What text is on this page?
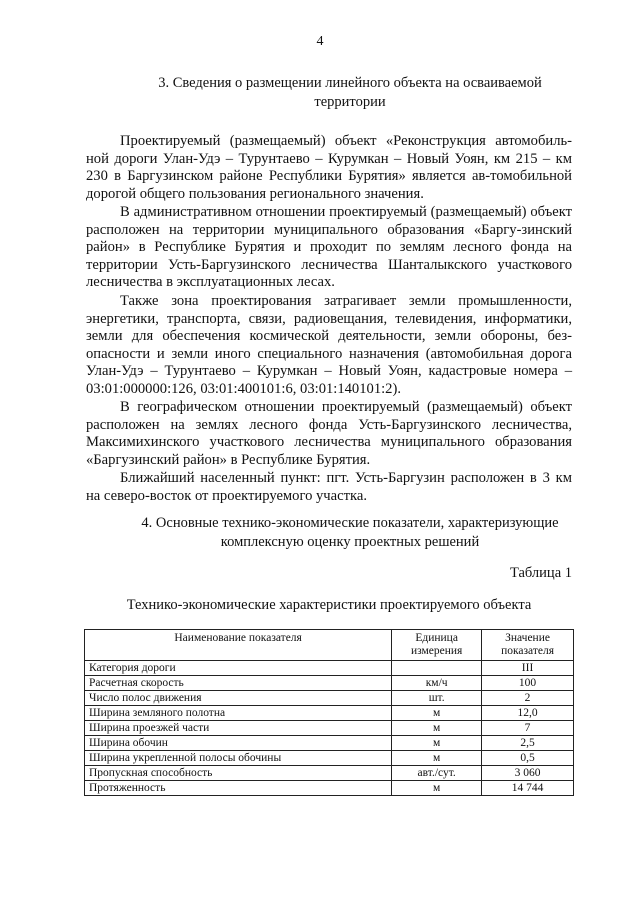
4
3. Сведения о размещении линейного объекта на осваиваемой
территории

Проектируемый (размещаемый) объект «Реконструкция автомобиль-ной дороги Улан-Удэ – Турунтаево – Курумкан – Новый Уоян, км 215 – км 230 в Баргузинском районе Республики Бурятия» является ав-томобильной дорогой общего пользования регионального значения.

В административном отношении проектируемый (размещаемый) объект расположен на территории муниципального образования «Баргу-зинский район» в Республике Бурятия и проходит по землям лесного фонда на территории Усть-Баргузинского лесничества Шанталыкского участкового лесничества в эксплуатационных лесах.

Также зона проектирования затрагивает земли промышленности, энергетики, транспорта, связи, радиовещания, телевидения, информатики, земли для обеспечения космической деятельности, земли обороны, без-опасности и земли иного специального назначения (автомобильная дорога Улан-Удэ – Турунтаево – Курумкан – Новый Уоян, кадастровые номера – 03:01:000000:126, 03:01:400101:6, 03:01:140101:2).

В географическом отношении проектируемый (размещаемый) объект расположен на землях лесного фонда Усть-Баргузинского лесничества, Максимихинского участкового лесничества муниципального образования «Баргузинский район» в Республике Бурятия.

Ближайший населенный пункт: пгт. Усть-Баргузин расположен в 3 км на северо-восток от проектируемого участка.

4. Основные технико-экономические показатели, характеризующие
комплексную оценку проектных решений
Таблица 1
Технико-экономические характеристики проектируемого объекта
Наименование показателя	Единица измерения	Значение показателя
Категория дороги		III
Расчетная скорость	км/ч	100
Число полос движения	шт.	2
Ширина земляного полотна	м	12,0
Ширина проезжей части	м	7
Ширина обочин	м	2,5
Ширина укрепленной полосы обочины	м	0,5
Пропускная способность	авт./сут.	3 060
Протяженность	м	14 744
